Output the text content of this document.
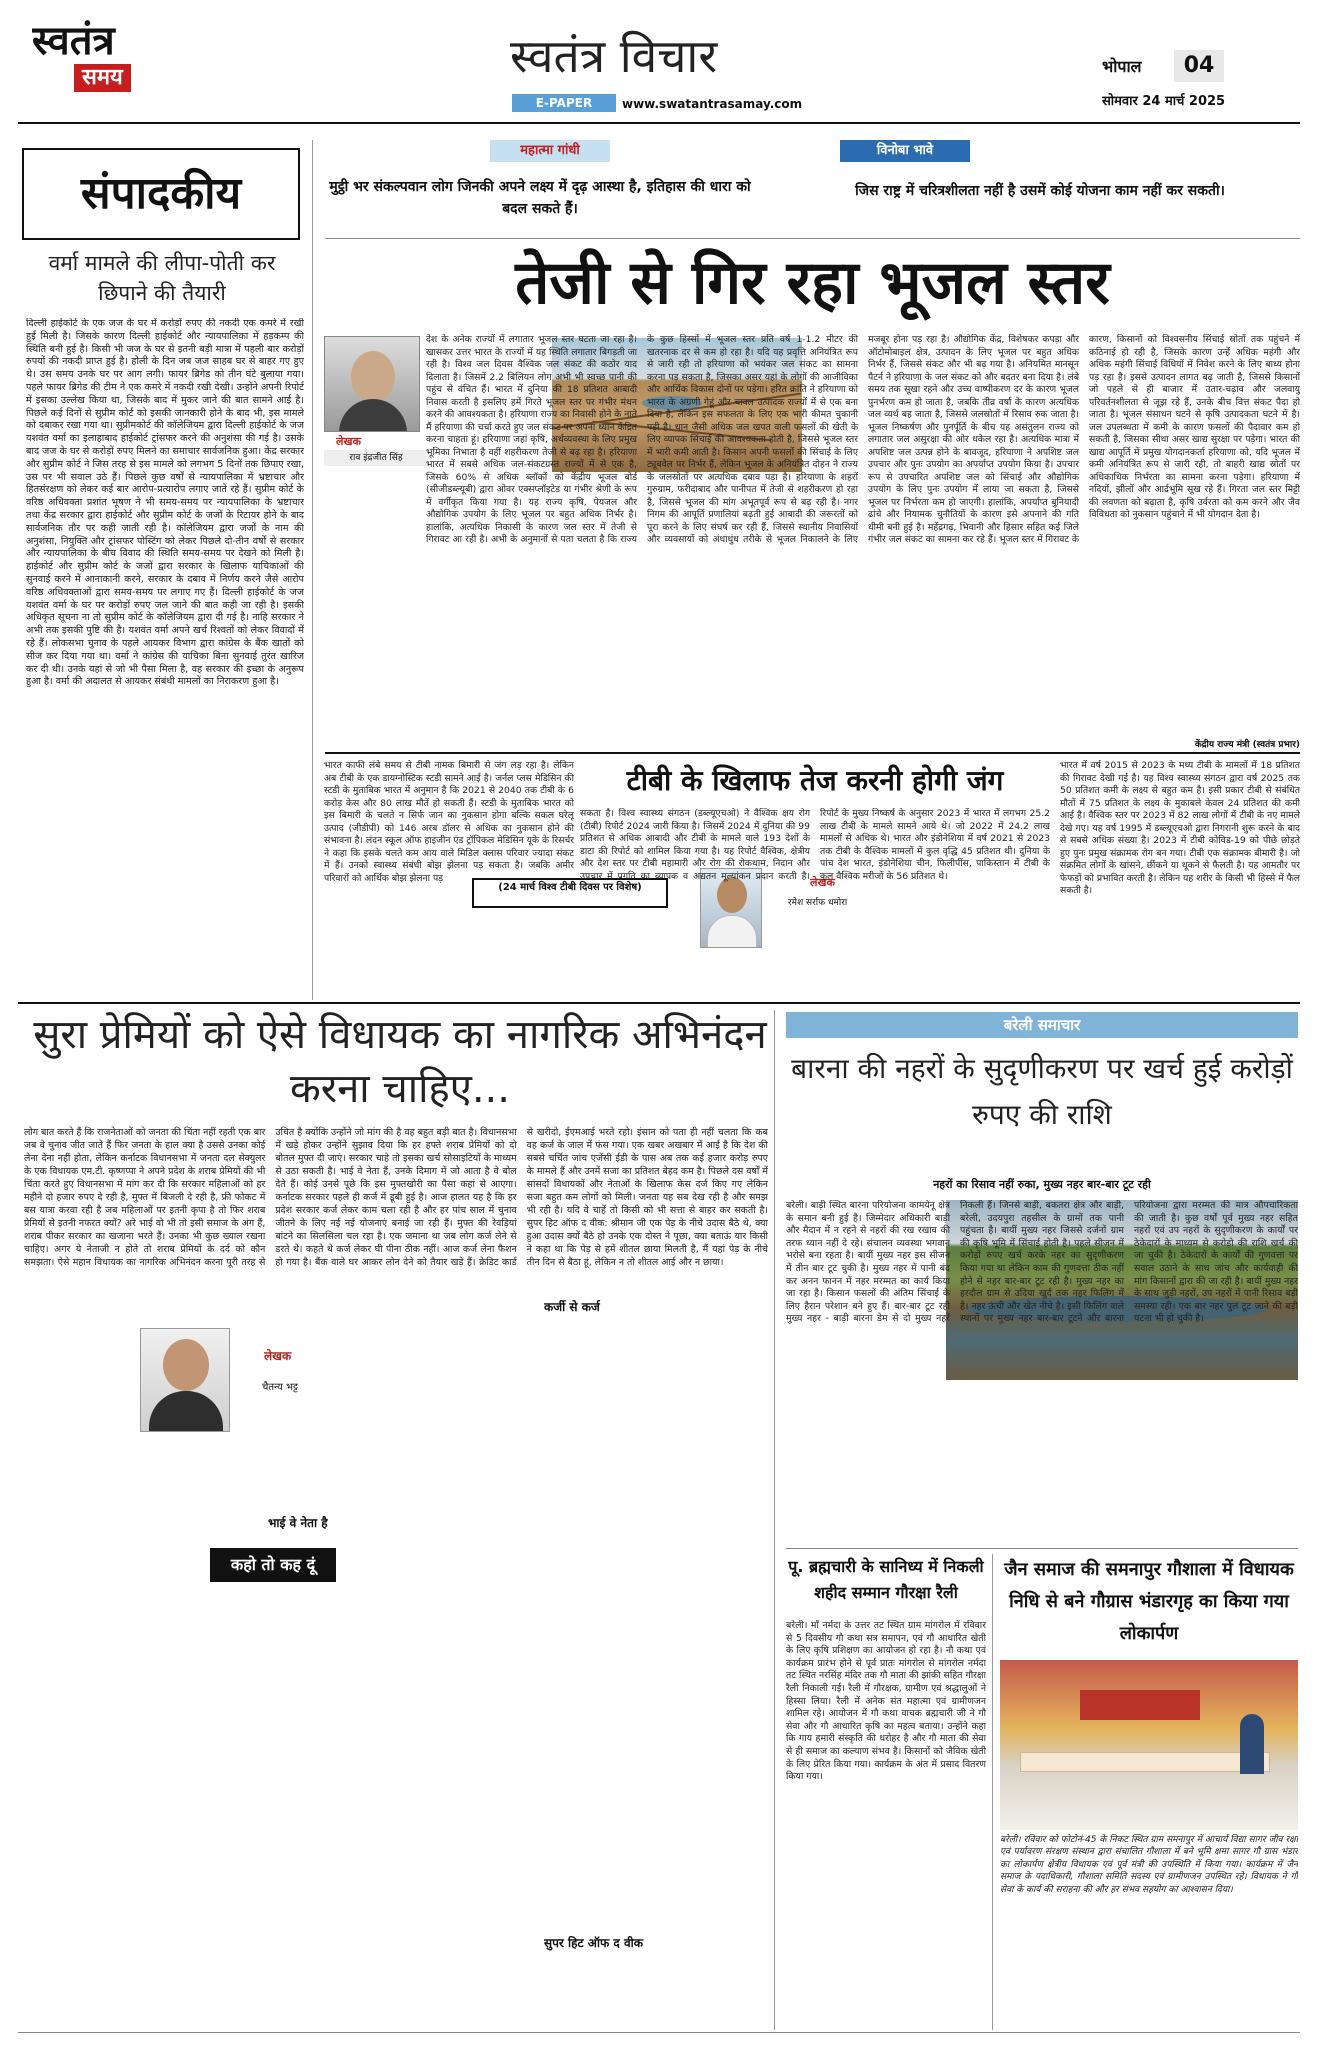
स्वतंत्र
समय	स्वतंत्र विचार
E-PAPER	www.swatantrasamay.com
भोपाल	04
सोमवार 24 मार्च 2025
महात्मा गांधी
मुट्ठी भर संकल्पवान लोग जिनकी अपने लक्ष्य में दृढ़ आस्था है, इतिहास की धारा को बदल सकते हैं।
विनोबा भावे
जिस राष्ट्र में चरित्रशीलता नहीं है उसमें कोई योजना काम नहीं कर सकती।
संपादकीय
वर्मा मामले की लीपा-पोती कर छिपाने की तैयारी
दिल्ली हाईकोर्ट के एक जज के घर में करोड़ों रुपए की नकदी एक कमरे में रखी हुई मिली है। जिसके कारण दिल्ली हाईकोर्ट और न्यायपालिका में हड़कम्प की स्थिति बनी हुई है। किसी भी जज के घर से इतनी बड़ी मात्रा में पहली बार करोड़ों रुपयों की नकदी प्राप्त हुई है। होली के दिन जब जज साहब घर से बाहर गए हुए थे। उस समय उनके घर पर आग लगी। फायर ब्रिगेड को तीन घंटे बुलाया गया। पहले फायर ब्रिगेड की टीम ने एक कमरे में नकदी रखी देखी। उन्होंने अपनी रिपोर्ट में इसका उल्लेख किया था, जिसके बाद में मुकर जाने की बात सामने आई है। पिछले कई दिनों से सुप्रीम कोर्ट को इसकी जानकारी होने के बाद भी, इस मामले को दबाकर रखा गया था। सुप्रीमकोर्ट की कॉलेजियम द्वारा दिल्ली हाईकोर्ट के जज यशवंत वर्मा का इलाहाबाद हाईकोर्ट ट्रांसफर करने की अनुशंसा की गई है। उसके बाद जज के घर से करोड़ों रुपए मिलने का समाचार सार्वजनिक हुआ। केंद्र सरकार और सुप्रीम कोर्ट ने जिस तरह से इस मामले को लगभग 5 दिनों तक छिपाए रखा, उस पर भी सवाल उठे हैं। पिछले कुछ वर्षों से न्यायपालिका में भ्रष्टाचार और हितसंरक्षण को लेकर कई बार आरोप-प्रत्यारोप लगाए जाते रहे हैं। सुप्रीम कोर्ट के वरिष्ठ अधिवक्ता प्रशांत भूषण ने भी समय-समय पर न्यायपालिका के भ्रष्टाचार तथा केंद्र सरकार द्वारा हाईकोर्ट और सुप्रीम कोर्ट के जजों के रिटायर होने के बाद सार्वजनिक तौर पर कही जाती रही है। कॉलेजियम द्वारा जजों के नाम की अनुशंसा, नियुक्ति और ट्रांसफर पोस्टिंग को लेकर पिछले दो-तीन वर्षों से सरकार और न्यायपालिका के बीच विवाद की स्थिति समय-समय पर देखने को मिली है। हाईकोर्ट और सुप्रीम कोर्ट के जजों द्वारा सरकार के खिलाफ याचिकाओं की सुनवाई करने में आनाकानी करने, सरकार के दबाव में निर्णय करने जैसे आरोप वरिष्ठ अधिवक्ताओं द्वारा समय-समय पर लगाए गए हैं। दिल्ली हाईकोर्ट के जज यशवंत वर्मा के घर पर करोड़ों रुपए जल जाने की बात कही जा रही है। इसकी अधिकृत सूचना ना तो सुप्रीम कोर्ट के कॉलेजियम द्वारा दी गई है। नाहि सरकार ने अभी तक इसकी पुष्टि की है। यशवंत वर्मा अपने खर्च रिश्वतों को लेकर विवादों में रहे हैं। लोकसभा चुनाव के पहले आयकर विभाग द्वारा कांग्रेस के बैंक खातों को सीज कर दिया गया था। वर्मा ने कांग्रेस की याचिका बिना सुनवाई तुरंत खारिज कर दी थी। उनके यहां से जो भी पैसा मिला है, वह सरकार की इच्छा के अनुरूप हुआ है। वर्मा की अदालत से आयकर संबंधी मामलों का निराकरण हुआ है।
तेजी से गिर रहा भूजल स्तर
लेखक
राव इंद्रजीत सिंह
देश के अनेक राज्यों में लगातार भूजल स्तर घटता जा रहा है। खासकर उत्तर भारत के राज्यों में यह स्थिति लगातार बिगड़ती जा रही है। विश्व जल दिवस वैश्विक जल संकट की कठोर याद दिलाता है। जिसमें 2.2 बिलियन लोग अभी भी स्वच्छ पानी की पहुंच से वंचित हैं। भारत में दुनिया की 18 प्रतिशत आबादी निवास करती है इसलिए हमें गिरते भूजल स्तर पर गंभीर मंथन करने की आवश्यकता है। हरियाणा राज्य का निवासी होने के नाते मैं हरियाणा की चर्चा करते हुए जल संकट पर अपना ध्यान केंद्रित करना चाहता हूं। हरियाणा जहां कृषि, अर्थव्यवस्था के लिए प्रमुख भूमिका निभाता है वहीं शहरीकरण तेजी से बढ़ रहा है। हरियाणा भारत में सबसे अधिक जल-संकटग्रस्त राज्यों में से एक है, जिसके 60% से अधिक ब्लॉकों को केंद्रीय भूजल बोर्ड (सीजीडब्ल्यूबी) द्वारा ओवर एक्सप्लॉइटेड या गंभीर श्रेणी के रूप में वर्गीकृत किया गया है। यह राज्य कृषि, पेयजल और औद्योगिक उपयोग के लिए भूजल पर बहुत अधिक निर्भर है। हालांकि, अत्यधिक निकासी के कारण जल स्तर में तेजी से गिरावट आ रही है। अभी के अनुमानों से पता चलता है कि राज्य के कुछ हिस्सों में भूजल स्तर प्रति वर्ष 1-1.2 मीटर की खतरनाक दर से कम हो रहा है। यदि यह प्रवृत्ति अनियंत्रित रूप से जारी रही तो हरियाणा को भयंकर जल संकट का सामना करना पड़ सकता है, जिसका असर यहां के लोगों की आजीविका और आर्थिक विकास दोनों पर पड़ेगा। हरित क्रांति ने हरियाणा को भारत के अग्रणी गेहूं और चावल उत्पादक राज्यों में से एक बना दिया है, लेकिन इस सफलता के लिए एक भारी कीमत चुकानी पड़ी है। धान जैसी अधिक जल खपत वाली फसलों की खेती के लिए व्यापक सिंचाई की आवश्यकता होती है, जिससे भूजल स्तर में भारी कमी आती है। किसान अपनी फसलों की सिंचाई के लिए ट्यूबवेल पर निर्भर हैं, लेकिन भूजल के अनियंत्रित दोहन ने राज्य के जलस्रोतों पर अत्यधिक दबाव पड़ा है। हरियाणा के शहरों गुरुग्राम, फरीदाबाद और पानीपत में तेजी से शहरीकरण हो रहा है, जिससे भूजल की मांग अभूतपूर्व रूप से बढ़ रही है। नगर निगम की आपूर्ति प्रणालियां बढ़ती हुई आबादी की जरूरतों को पूरा करने के लिए संघर्ष कर रही हैं, जिससे स्थानीय निवासियों और व्यवसायों को अंधाधुंध तरीके से भूजल निकालने के लिए मजबूर होना पड़ रहा है। औद्योगिक केंद्र, विशेषकर कपड़ा और ऑटोमोबाइल क्षेत्र, उत्पादन के लिए भूजल पर बहुत अधिक निर्भर हैं, जिससे संकट और भी बढ़ गया है। अनियमित मानसून पैटर्न ने हरियाणा के जल संकट को और बदतर बना दिया है। लंबे समय तक सूखा रहने और उच्च वाष्पीकरण दर के कारण भूजल पुनर्भरण कम हो जाता है, जबकि तीव्र वर्षा के कारण अत्यधिक जल व्यर्थ बह जाता है, जिससे जलस्रोतों में रिसाव रुक जाता है। भूजल निष्कर्षण और पुनर्पूर्ति के बीच यह असंतुलन राज्य को लगातार जल असुरक्षा की ओर धकेल रहा है। अत्यधिक मात्रा में अपशिष्ट जल उत्पन्न होने के बावजूद, हरियाणा ने अपशिष्ट जल उपचार और पुनः उपयोग का अपर्याप्त उपयोग किया है। उपचार रूप से उपचारित अपशिष्ट जल को सिंचाई और औद्योगिक उपयोग के लिए पुनः उपयोग में लाया जा सकता है, जिससे भूजल पर निर्भरता कम हो जाएगी। हालांकि, अपर्याप्त बुनियादी ढांचे और नियामक चुनौतियों के कारण इसे अपनाने की गति धीमी बनी हुई है। महेंद्रगढ़, भिवानी और हिसार सहित कई जिले गंभीर जल संकट का सामना कर रहे हैं। भूजल स्तर में गिरावट के कारण, किसानों को विश्वसनीय सिंचाई स्रोतों तक पहुंचने में कठिनाई हो रही है, जिसके कारण उन्हें अधिक महंगी और अधिक महंगी सिंचाई विधियों में निवेश करने के लिए बाध्य होना पड़ रहा है। इससे उत्पादन लागत बढ़ जाती है, जिससे किसानों जो पहले से ही बाजार में उतार-चढ़ाव और जलवायु परिवर्तनशीलता से जूझ रहे हैं, उनके बीच वित्त संकट पैदा हो जाता है। भूजल संसाधन घटने से कृषि उत्पादकता घटने में है। जल उपलब्धता में कमी के कारण फसलों की पैदावार कम हो सकती है, जिसका सीधा असर खाद्य सुरक्षा पर पड़ेगा। भारत की खाद्य आपूर्ति में प्रमुख योगदानकर्ता हरियाणा को, यदि भूजल में कमी अनियंत्रित रूप से जारी रही, तो बाहरी खाद्य स्रोतों पर अधिकाधिक निर्भरता का सामना करना पड़ेगा। हरियाणा में नदियों, झीलों और आर्द्रभूमि सूख रहे हैं। गिरता जल स्तर मिट्टी की लवणता को बढ़ाता है, कृषि उर्वरता को कम करने और जैव विविधता को नुकसान पहुंचाने में भी योगदान देता है।
केंद्रीय राज्य मंत्री (स्वतंत्र प्रभार)
टीबी के खिलाफ तेज करनी होगी जंग
भारत काफी लंबे समय से टीबी नामक बिमारी से जंग लड़ रहा है। लेकिन अब टीबी के एक डायग्नोस्टिक स्टडी सामने आई है। जर्नल प्लस मेडिसिन की स्टडी के मुताबिक भारत में अनुमान है कि 2021 से 2040 तक टीबी के 6 करोड़ केस और 80 लाख मौतें हो सकती हैं। स्टडी के मुताबिक भारत को इस बिमारी के चलते न सिर्फ जान का नुकसान होगा बल्कि सकल घरेलू उत्पाद (जीडीपी) को 146 अरब डॉलर से अधिक का नुकसान होने की संभावना है। लंदन स्कूल ऑफ हाइजीन एंड ट्रॉपिकल मेडिसिन यूके के रिसर्चर ने कहा कि इसके चलते कम आय वाले मिडिल क्लास परिवार ज्यादा संकट में हैं। उनको स्वास्थ्य संबंधी बोझ झेलना पड़ सकता है। जबकि अमीर परिवारों को आर्थिक बोझ झेलना पड़
(24 मार्च विश्व टीबी दिवस पर विशेष)	लेखक
रमेश सर्राफ धमोरा
सकता है। विश्व स्वास्थ्य संगठन (डब्ल्यूएचओ) ने वैश्विक क्षय रोग (टीबी) रिपोर्ट 2024 जारी किया है। जिसमें 2024 में दुनिया की 99 प्रतिशत से अधिक आबादी और टीबी के मामले वाले 193 देशों के डाटा की रिपोर्ट को शामिल किया गया है। यह रिपोर्ट वैश्विक, क्षेत्रीय और देश स्तर पर टीबी महामारी और रोग की रोकथाम, निदान और उपचार में प्रगति का व्यापक व अद्यतन मूल्यांकन प्रदान करती है। रिपोर्ट के मुख्य निष्कर्ष के अनुसार 2023 में भारत में लगभग 25.2 लाख टीबी के मामले सामने आये थे। जो 2022 में 24.2 लाख मामलों से अधिक थे। भारत और इंडोनेशिया में वर्ष 2021 से 2023 तक टीबी के वैश्विक मामलों में कुल वृद्धि 45 प्रतिशत थी। दुनिया के पांच देश भारत, इंडोनेशिया चीन, फिलीपींस, पाकिस्तान में टीबी के कुल वैश्विक मरीजों के 56 प्रतिशत थे।
भारत में वर्ष 2015 से 2023 के मध्य टीबी के मामलों में 18 प्रतिशत की गिरावट देखी गई है। यह विश्व स्वास्थ्य संगठन द्वारा वर्ष 2025 तक 50 प्रतिशत कमी के लक्ष्य से बहुत कम है। इसी प्रकार टीबी से संबंधित मौतों में 75 प्रतिशत के लक्ष्य के मुकाबले केवल 24 प्रतिशत की कमी आई है। वैश्विक स्तर पर 2023 में 82 लाख लोगों में टीबी के नए मामले देखे गए। यह वर्ष 1995 में डब्ल्यूएचओ द्वारा निगरानी शुरू करने के बाद से सबसे अधिक संख्या है। 2023 में टीबी कोविड-19 को पीछे छोड़ते हुए पुनः प्रमुख संक्रामक रोग बन गया। टीबी एक संक्रामक बीमारी है। जो संक्रमित लोगों के खांसने, छींकने या थूकने से फैलती है। यह आमतौर पर फेफड़ों को प्रभावित करती है। लेकिन यह शरीर के किसी भी हिस्से में फैल सकती है।
सुरा प्रेमियों को ऐसे विधायक का नागरिक अभिनंदन करना चाहिए...
लोग बात करते हैं कि राजनेताओं को जनता की चिंता नहीं रहती एक बार जब वे चुनाव जीत जाते हैं फिर जनता के हाल क्या है उससे उनका कोई लेना देना नहीं होता, लेकिन कर्नाटक विधानसभा में जनता दल सेक्युलर के एक विधायक एम.टी. कृष्णप्पा ने अपने प्रदेश के शराब प्रेमियों की भी चिंता करते हुए विधानसभा में मांग कर दी कि सरकार महिलाओं को हर महीने दो हजार रुपए दे रही है, मुफ्त में बिजली दे रही है, फ्री फोकट में बस यात्रा करवा रही है जब महिलाओं पर इतनी कृपा है तो फिर शराब प्रेमियों से इतनी नफरत क्यों? अरे भाई वो भी तो इसी समाज के अंग हैं, शराब पीकर सरकार का खजाना भरते हैं। उनका भी कुछ ख्याल रखना चाहिए। अगर ये नेताजी न होते तो शराब प्रेमियों के दर्द को कौन समझता। ऐसे महान विधायक का नागरिक अभिनंदन करना पूरी तरह से उचित है क्योंकि उन्होंने जो मांग की है वह बहुत बड़ी बात है। विधानसभा में खड़े होकर उन्होंने सुझाव दिया कि हर हफ्ते शराब प्रेमियों को दो बोतल मुफ्त दी जाएं। सरकार चाहे तो इसका खर्च सोसाइटियों के माध्यम से उठा सकती है। भाई वे नेता हैं, उनके दिमाग में जो आता है वे बोल देते हैं। कोई उनसे पूछे कि इस मुफ्तखोरी का पैसा कहां से आएगा। कर्नाटक सरकार पहले ही कर्ज में डूबी हुई है। आज हालत यह है कि हर प्रदेश सरकार कर्ज लेकर काम चला रही है और हर पांच साल में चुनाव जीतने के लिए नई नई योजनाएं बनाई जा रही हैं। मुफ्त की रेवड़ियां बांटने का सिलसिला चल रहा है। एक जमाना था जब लोग कर्ज लेने से डरते थे। कहते थे कर्ज लेकर घी पीना ठीक नहीं। आज कर्ज लेना फैशन हो गया है। बैंक वाले घर आकर लोन देने को तैयार खड़े हैं। क्रेडिट कार्ड से खरीदो, ईएमआई भरते रहो। इंसान को पता ही नहीं चलता कि कब वह कर्ज के जाल में फंस गया। एक खबर अखबार में आई है कि देश की सबसे चर्चित जांच एजेंसी ईडी के पास अब तक कई हजार करोड़ रुपए के मामले हैं और उनमें सजा का प्रतिशत बेहद कम है। पिछले दस वर्षों में सांसदों विधायकों और नेताओं के खिलाफ केस दर्ज किए गए लेकिन सजा बहुत कम लोगों को मिली। जनता यह सब देख रही है और समझ भी रही है। यदि वे चाहें तो किसी को भी सत्ता से बाहर कर सकती है। सुपर हिट ऑफ द वीक: श्रीमान जी एक पेड़ के नीचे उदास बैठे थे, क्या हुआ उदास क्यों बैठे हो उनके एक दोस्त ने पूछा, क्या बताऊं यार किसी ने कहा था कि पेड़ से हमें शीतल छाया मिलती है, मैं यहां पेड़ के नीचे तीन दिन से बैठा हूं, लेकिन न तो शीतल आई और न छाया।
लेखक
चैतन्य भट्ट
कहो तो कह दूं
भाई वे नेता है
कर्जी से कर्ज
सुपर हिट ऑफ द वीक
बरेली समाचार
बारना की नहरों के सुदृणीकरण पर खर्च हुई करोड़ों रुपए की राशि
नहरों का रिसाव नहीं रुका, मुख्य नहर बार-बार टूट रही
बरेली। बाड़ी स्थित बारना परियोजना कामयेनू क्षेत्र के समान बनी हुई है। जिम्मेदार अधिकारी बाड़ी और मैदान में न रहने से नहरों की रख रखाव की तरफ ध्यान नहीं दे रहे। संचालन व्यवस्था भगवान भरोसे बना रहता है। बायीं मुख्य नहर इस सीजन में तीन बार टूट चुकी है। मुख्य नहर में पानी बंद कर अनन फानन में नहर मरम्मत का कार्य किया जा रहा है। किसान फसलों की अंतिम सिंचाई के लिए हैरान परेशान बने हुए हैं। बार-बार टूट रही मुख्य नहर - बाड़ी बारना डेम से दो मुख्य नहरें निकली हैं। जिनसे बाड़ी, बकतरा क्षेत्र और बाड़ी, बरेली, उदयपुरा तहसील के ग्रामों तक पानी पहुंचता है। बायीं मुख्य नहर जिससे दर्जनों ग्राम की कृषि भूमि में सिंचाई होती है। पहले सीजन में करोड़ों रुपए खर्च करके नहर का सुदृणीकरण किया गया था लेकिन काम की गुणवत्ता ठीक नहीं होने से नहर बार-बार टूट रही है। मुख्य नहर का हरदौल ग्राम से उदिया खुर्द तक नहर फिलिंग में है। नहर ऊंची और खेत नीचे है। इसी फिलिंग वाले स्थानों पर मुख्य नहर बार-बार टूटने और बारना परियोजना द्वारा मरम्मत की मात्र औपचारिकता की जाती है। कुछ वर्षों पूर्व मुख्य नहर सहित नहरों एवं उप नहरों के सुदृणीकरण के कार्यों पर ठेकेदारों के माध्यम से करोड़ो की राशि खर्च की जा चुकी है। ठेकेदारों के कार्यों की गुणवत्ता पर सवाल उठाने के साथ जांच और कार्यवाही की मांग किसानों द्वारा की जा रही है। बायीं मुख्य नहर के साथ जुड़ी नहरों, उप नहरों में पानी रिसाव बड़ी समस्या रही। एक बार नहर पुल टूट जाने की बड़ी घटना भी हो चुकी है।
पू. ब्रह्मचारी के सानिध्य में निकली शहीद सम्मान गौरक्षा रैली
बरेली। माँ नर्मदा के उत्तर तट स्थित ग्राम मांगरोल में रविवार से 5 दिवसीय गौ कथा सत्र समापन, एवं गौ आधारित खेती के लिए कृषि प्रशिक्षण का आयोजन हो रहा है। नौ कथा एवं कार्यक्रम प्रारंभ होने से पूर्व प्रातः मांगरोल से मांगरोल नर्मदा तट स्थित नरसिंह मंदिर तक गौ माता की झांकी सहित गौरक्षा रैली निकाली गई। रैली में गौरक्षक, ग्रामीण एवं श्रद्धालुओं ने हिस्सा लिया। रैली में अनेक संत महात्मा एवं ग्रामीणजन शामिल रहे। आयोजन में गौ कथा वाचक ब्रह्मचारी जी ने गौ सेवा और गौ आधारित कृषि का महत्व बताया। उन्होंने कहा कि गाय हमारी संस्कृति की धरोहर है और गौ माता की सेवा से ही समाज का कल्याण संभव है। किसानों को जैविक खेती के लिए प्रेरित किया गया। कार्यक्रम के अंत में प्रसाद वितरण किया गया।
जैन समाज की समनापुर गौशाला में विधायक निधि से बने गौग्रास भंडारगृह का किया गया लोकार्पण
बरेली। रविवार को फोटोनं-45 के निकट स्थित ग्राम समनापुर में आचार्य विद्या सागर जीव रक्षा एवं पर्यावरण संरक्षण संस्थान द्वारा संचालित गौशाला में बने भूमि क्षमा सागर गौ ग्रास भंडार का लोकार्पण क्षेत्रीय विधायक एवं पूर्व मंत्री की उपस्थिति में किया गया। कार्यक्रम में जैन समाज के पदाधिकारी, गौशाला समिति सदस्य एवं ग्रामीणजन उपस्थित रहे। विधायक ने गौ सेवा के कार्य की सराहना की और हर संभव सहयोग का आश्वासन दिया।
